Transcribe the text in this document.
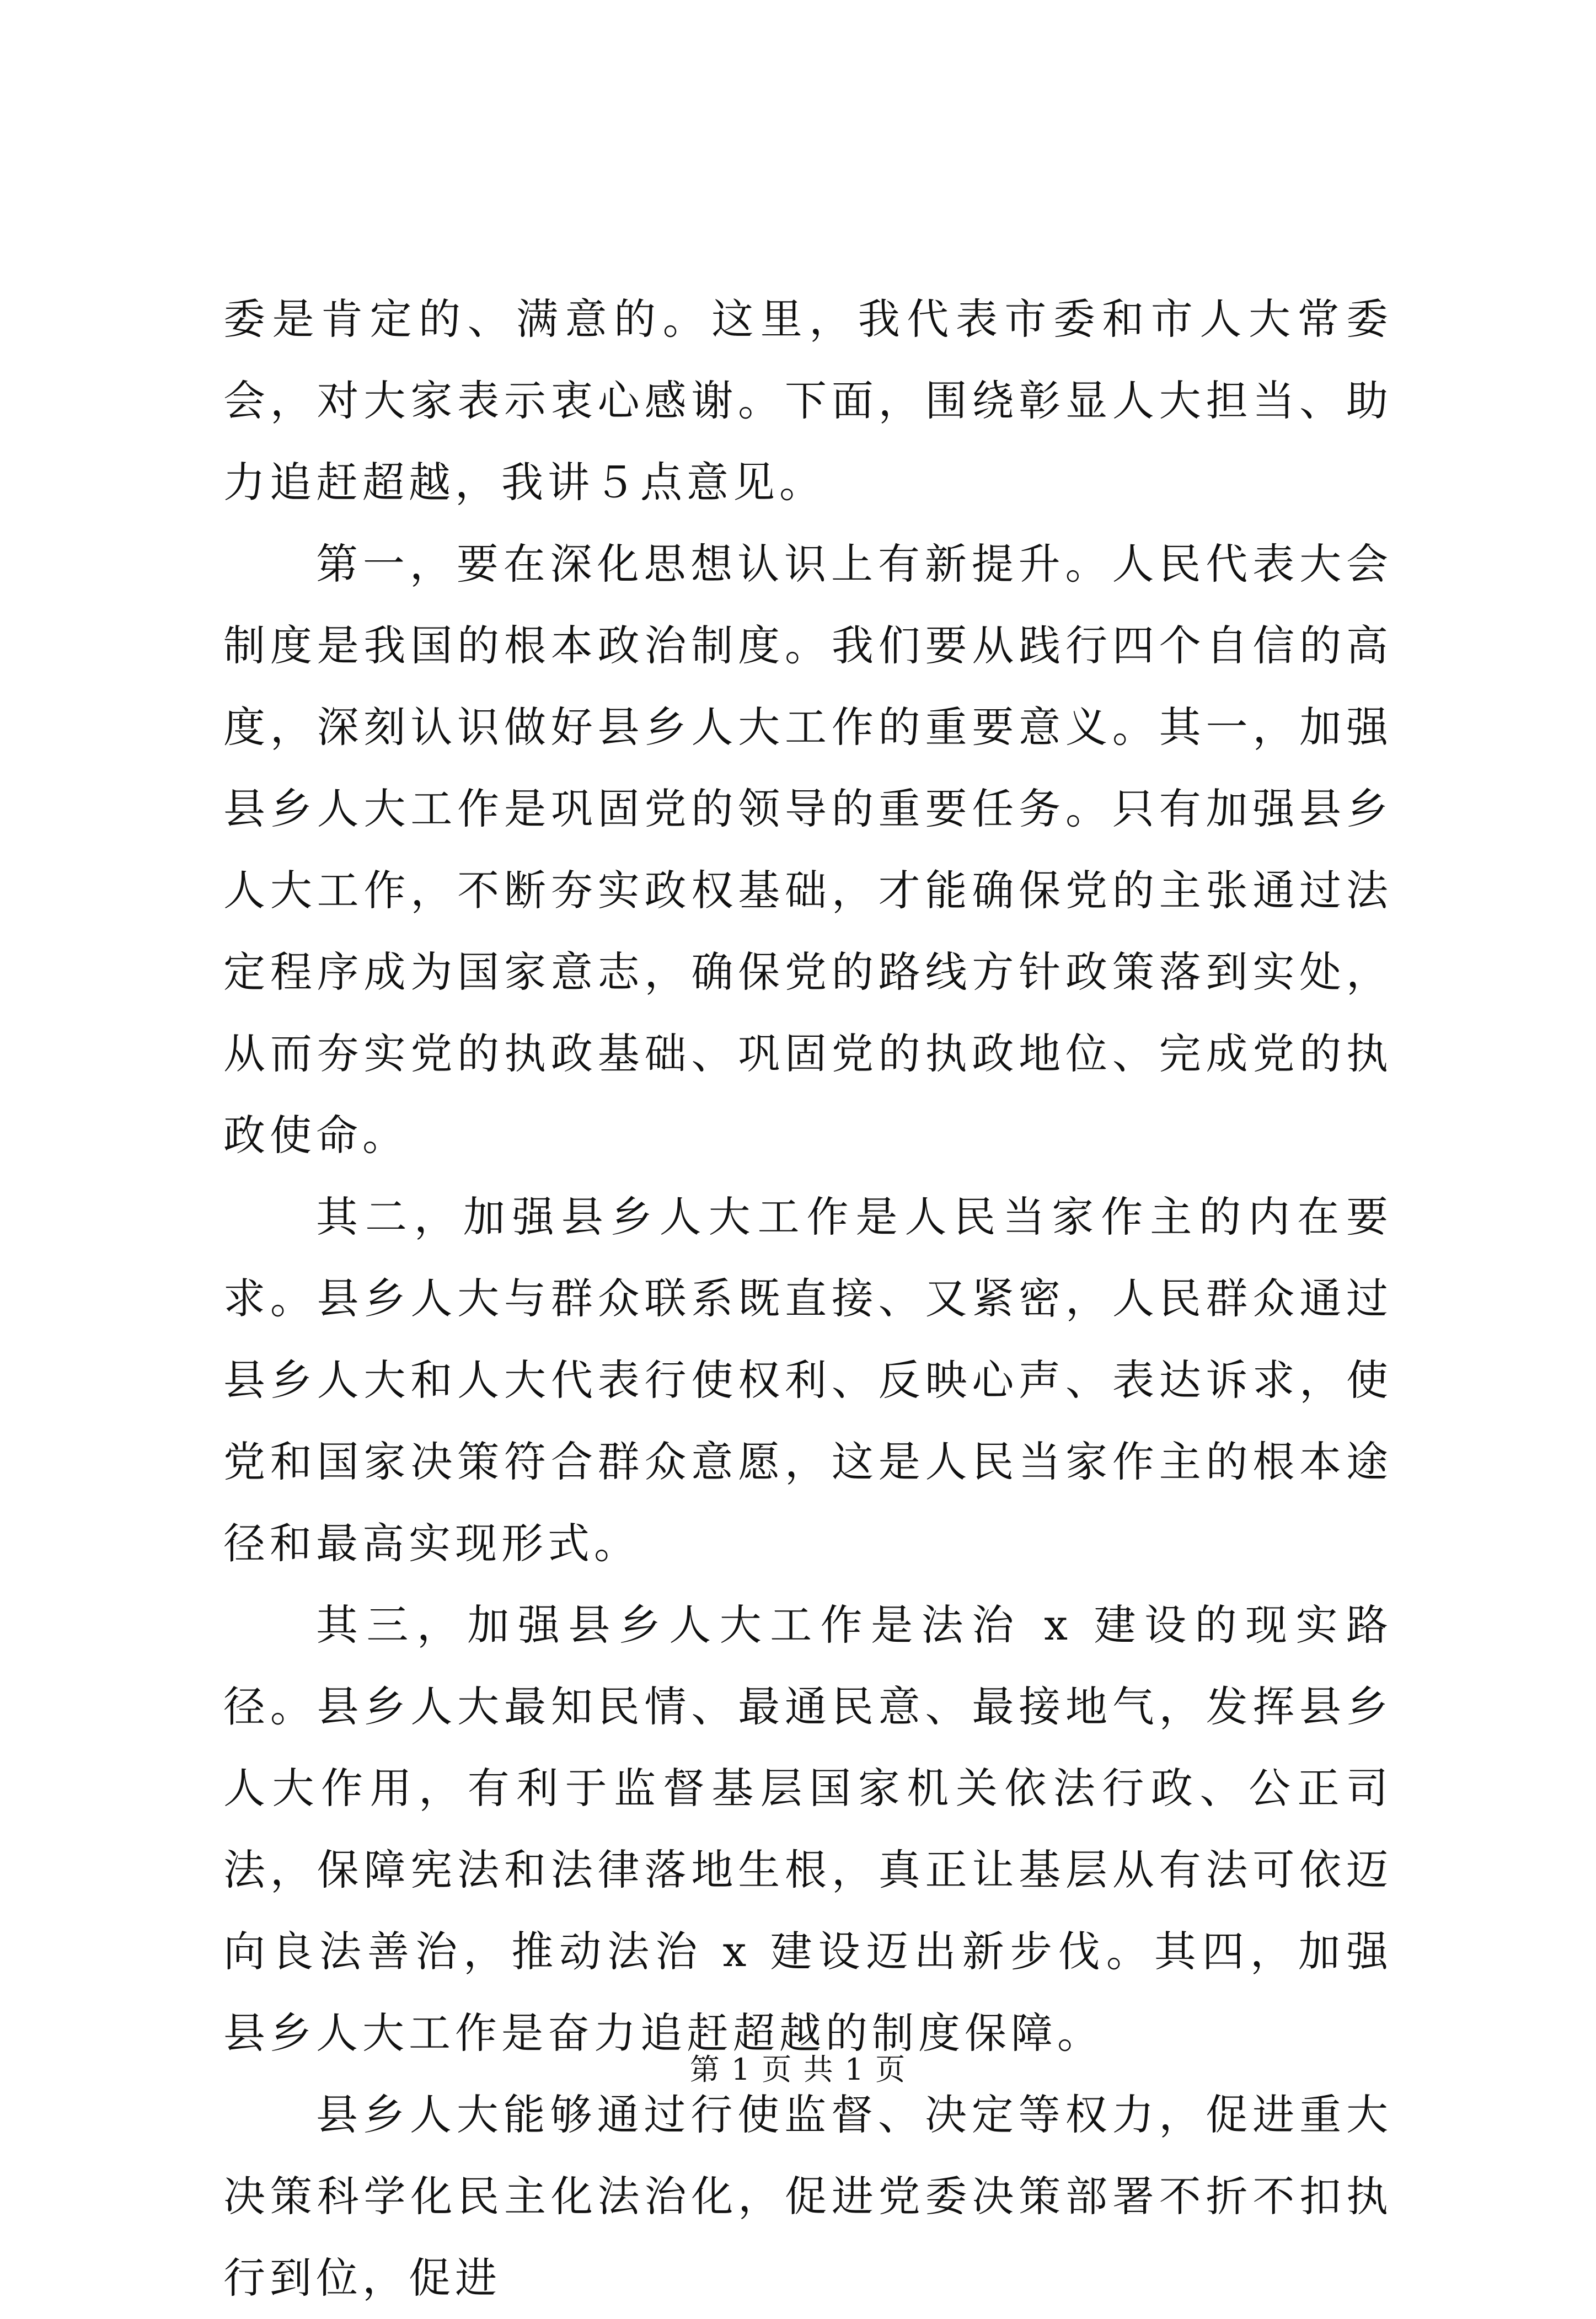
委是肯定的、满意的。这里，我代表市委和市人大常委会，对大家表示衷心感谢。下面，围绕彰显人大担当、助力追赶超越，我讲５点意见。

第一，要在深化思想认识上有新提升。人民代表大会制度是我国的根本政治制度。我们要从践行四个自信的高度，深刻认识做好县乡人大工作的重要意义。其一，加强县乡人大工作是巩固党的领导的重要任务。只有加强县乡人大工作，不断夯实政权基础，才能确保党的主张通过法定程序成为国家意志，确保党的路线方针政策落到实处，从而夯实党的执政基础、巩固党的执政地位、完成党的执政使命。

其二，加强县乡人大工作是人民当家作主的内在要求。县乡人大与群众联系既直接、又紧密，人民群众通过县乡人大和人大代表行使权利、反映心声、表达诉求，使党和国家决策符合群众意愿，这是人民当家作主的根本途径和最高实现形式。

其三，加强县乡人大工作是法治 x 建设的现实路径。县乡人大最知民情、最通民意、最接地气，发挥县乡人大作用，有利于监督基层国家机关依法行政、公正司法，保障宪法和法律落地生根，真正让基层从有法可依迈向良法善治，推动法治 x 建设迈出新步伐。其四，加强县乡人大工作是奋力追赶超越的制度保障。

县乡人大能够通过行使监督、决定等权力，促进重大决策科学化民主化法治化，促进党委决策部署不折不扣执行到位，促进

第 1 页 共 1 页
